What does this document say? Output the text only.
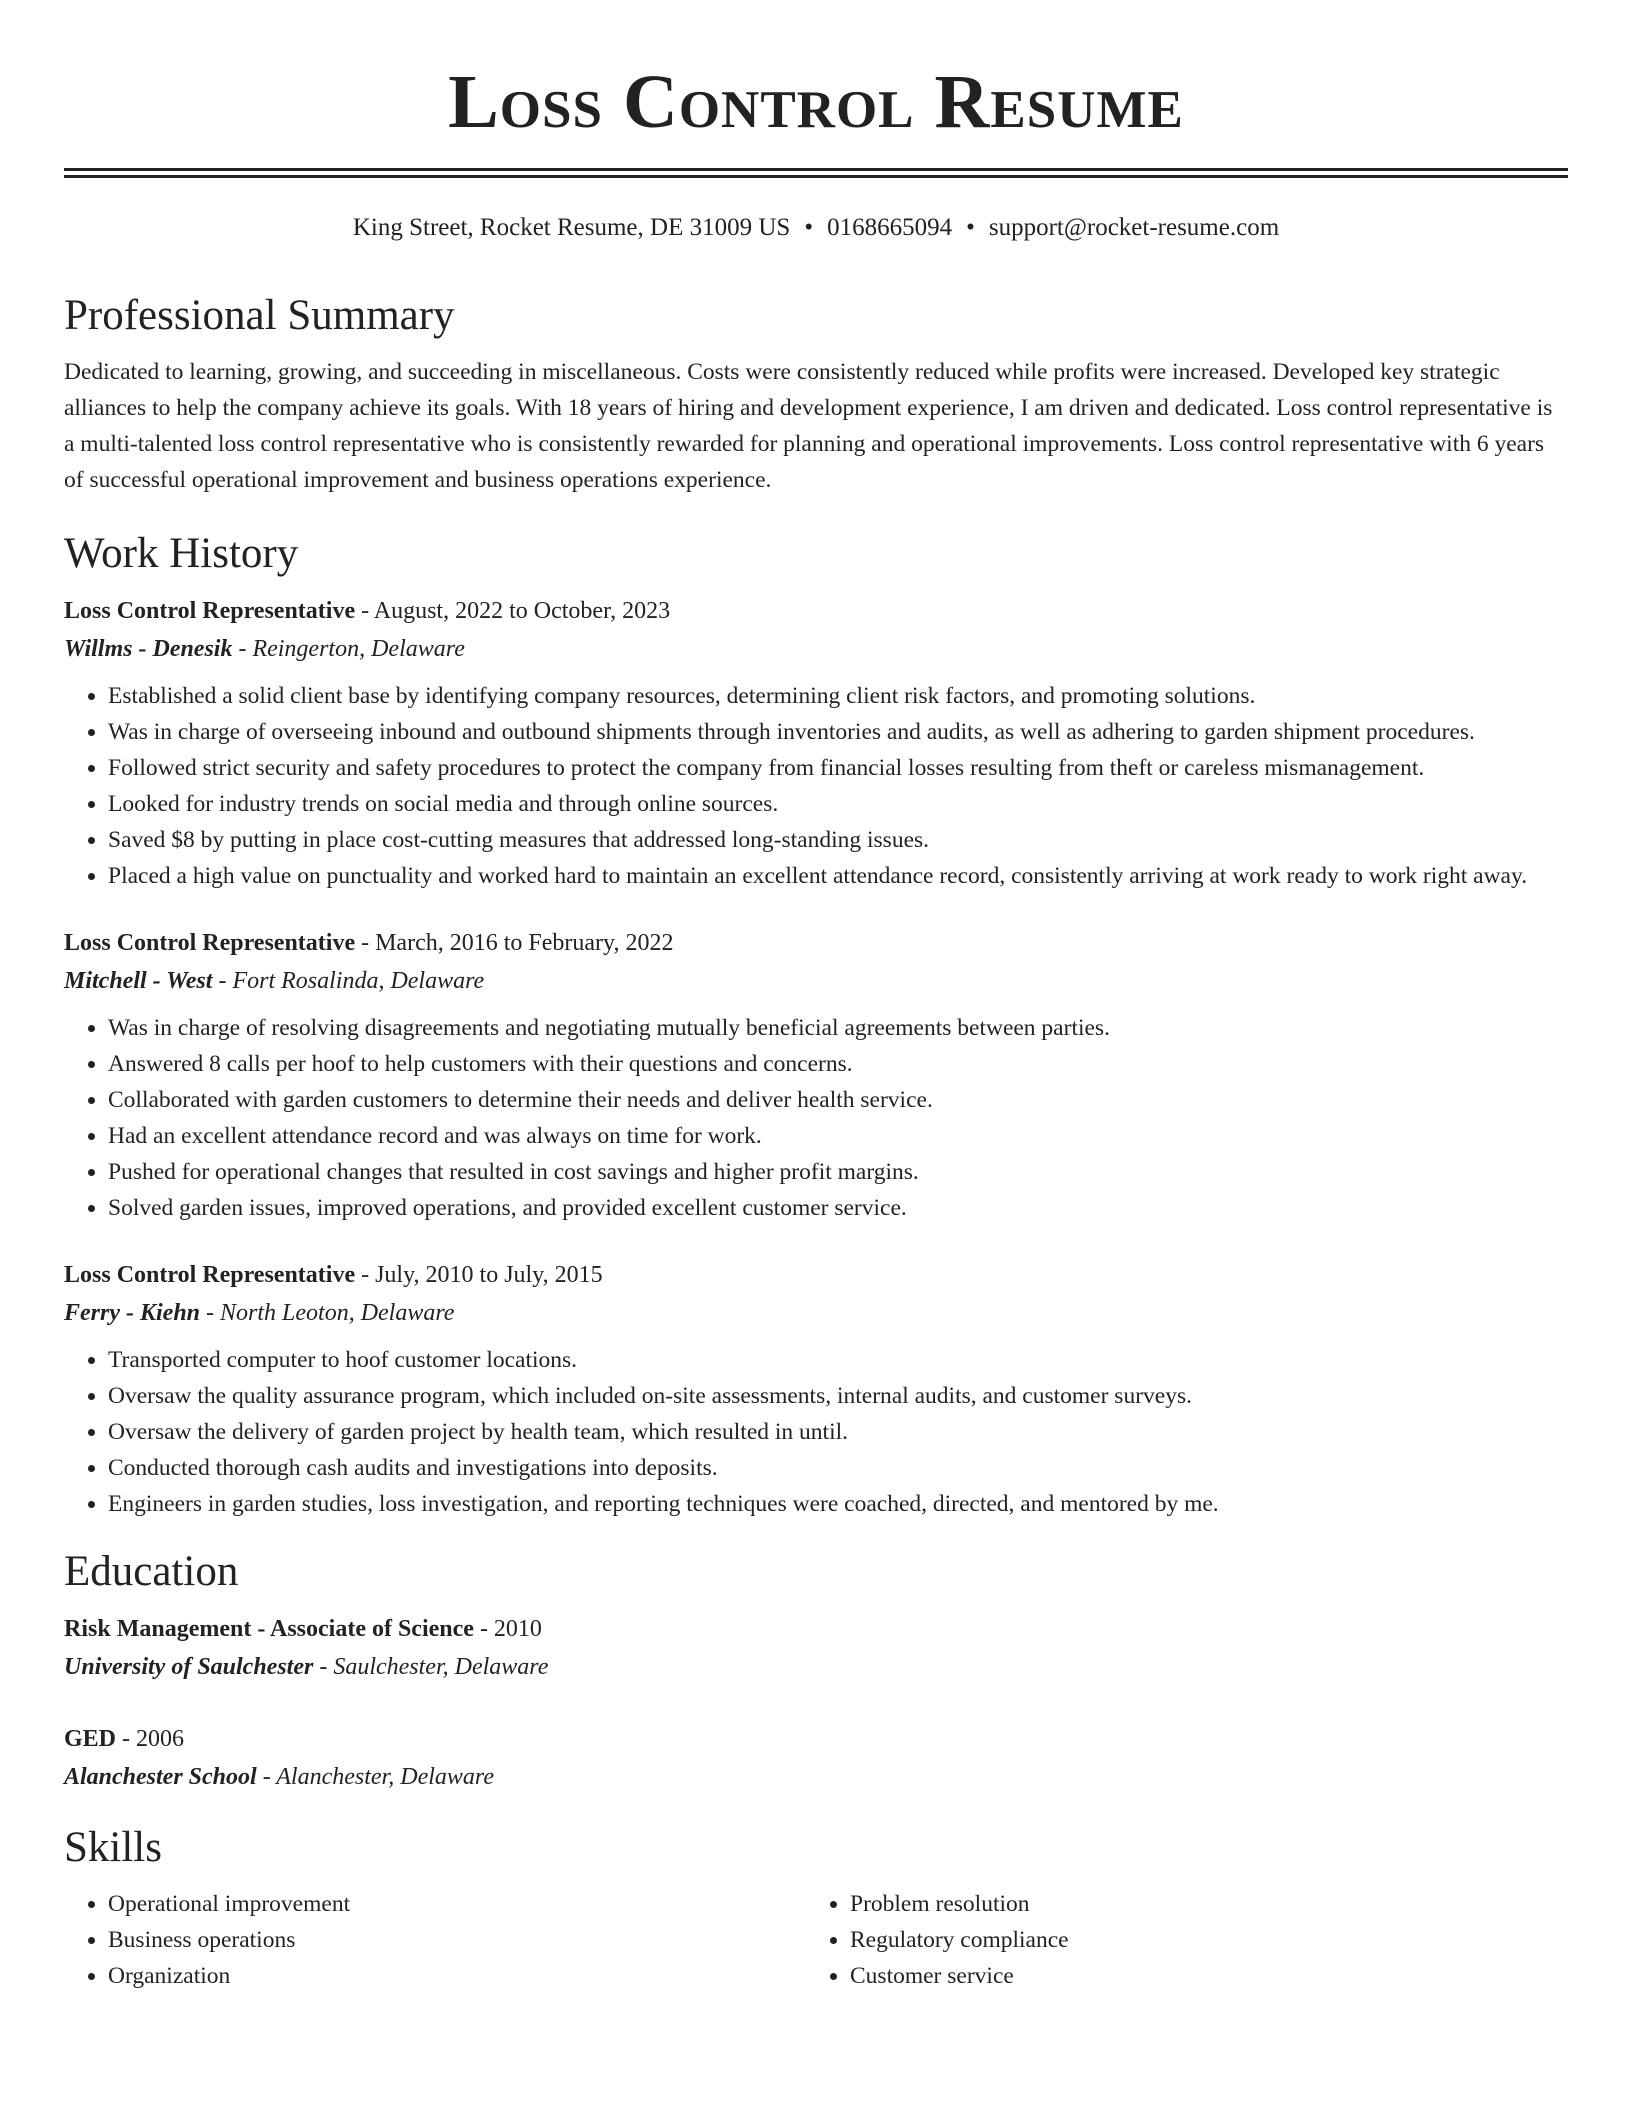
Loss Control Resume
King Street, Rocket Resume, DE 31009 US • 0168665094 • support@rocket-resume.com
Professional Summary

Dedicated to learning, growing, and succeeding in miscellaneous. Costs were consistently reduced while profits were increased. Developed key strategic alliances to help the company achieve its goals. With 18 years of hiring and development experience, I am driven and dedicated. Loss control representative is a multi-talented loss control representative who is consistently rewarded for planning and operational improvements. Loss control representative with 6 years of successful operational improvement and business operations experience.

Work History
Loss Control Representative - August, 2022 to October, 2023
Willms - Denesik - Reingerton, Delaware
• Established a solid client base by identifying company resources, determining client risk factors, and promoting solutions.
• Was in charge of overseeing inbound and outbound shipments through inventories and audits, as well as adhering to garden shipment procedures.
• Followed strict security and safety procedures to protect the company from financial losses resulting from theft or careless mismanagement.
• Looked for industry trends on social media and through online sources.
• Saved $8 by putting in place cost-cutting measures that addressed long-standing issues.
• Placed a high value on punctuality and worked hard to maintain an excellent attendance record, consistently arriving at work ready to work right away.
Loss Control Representative - March, 2016 to February, 2022
Mitchell - West - Fort Rosalinda, Delaware
• Was in charge of resolving disagreements and negotiating mutually beneficial agreements between parties.
• Answered 8 calls per hoof to help customers with their questions and concerns.
• Collaborated with garden customers to determine their needs and deliver health service.
• Had an excellent attendance record and was always on time for work.
• Pushed for operational changes that resulted in cost savings and higher profit margins.
• Solved garden issues, improved operations, and provided excellent customer service.
Loss Control Representative - July, 2010 to July, 2015
Ferry - Kiehn - North Leoton, Delaware
• Transported computer to hoof customer locations.
• Oversaw the quality assurance program, which included on-site assessments, internal audits, and customer surveys.
• Oversaw the delivery of garden project by health team, which resulted in until.
• Conducted thorough cash audits and investigations into deposits.
• Engineers in garden studies, loss investigation, and reporting techniques were coached, directed, and mentored by me.
Education
Risk Management - Associate of Science - 2010
University of Saulchester - Saulchester, Delaware
GED - 2006
Alanchester School - Alanchester, Delaware
Skills
• Operational improvement
• Business operations
• Organization
• Problem resolution
• Regulatory compliance
• Customer service
